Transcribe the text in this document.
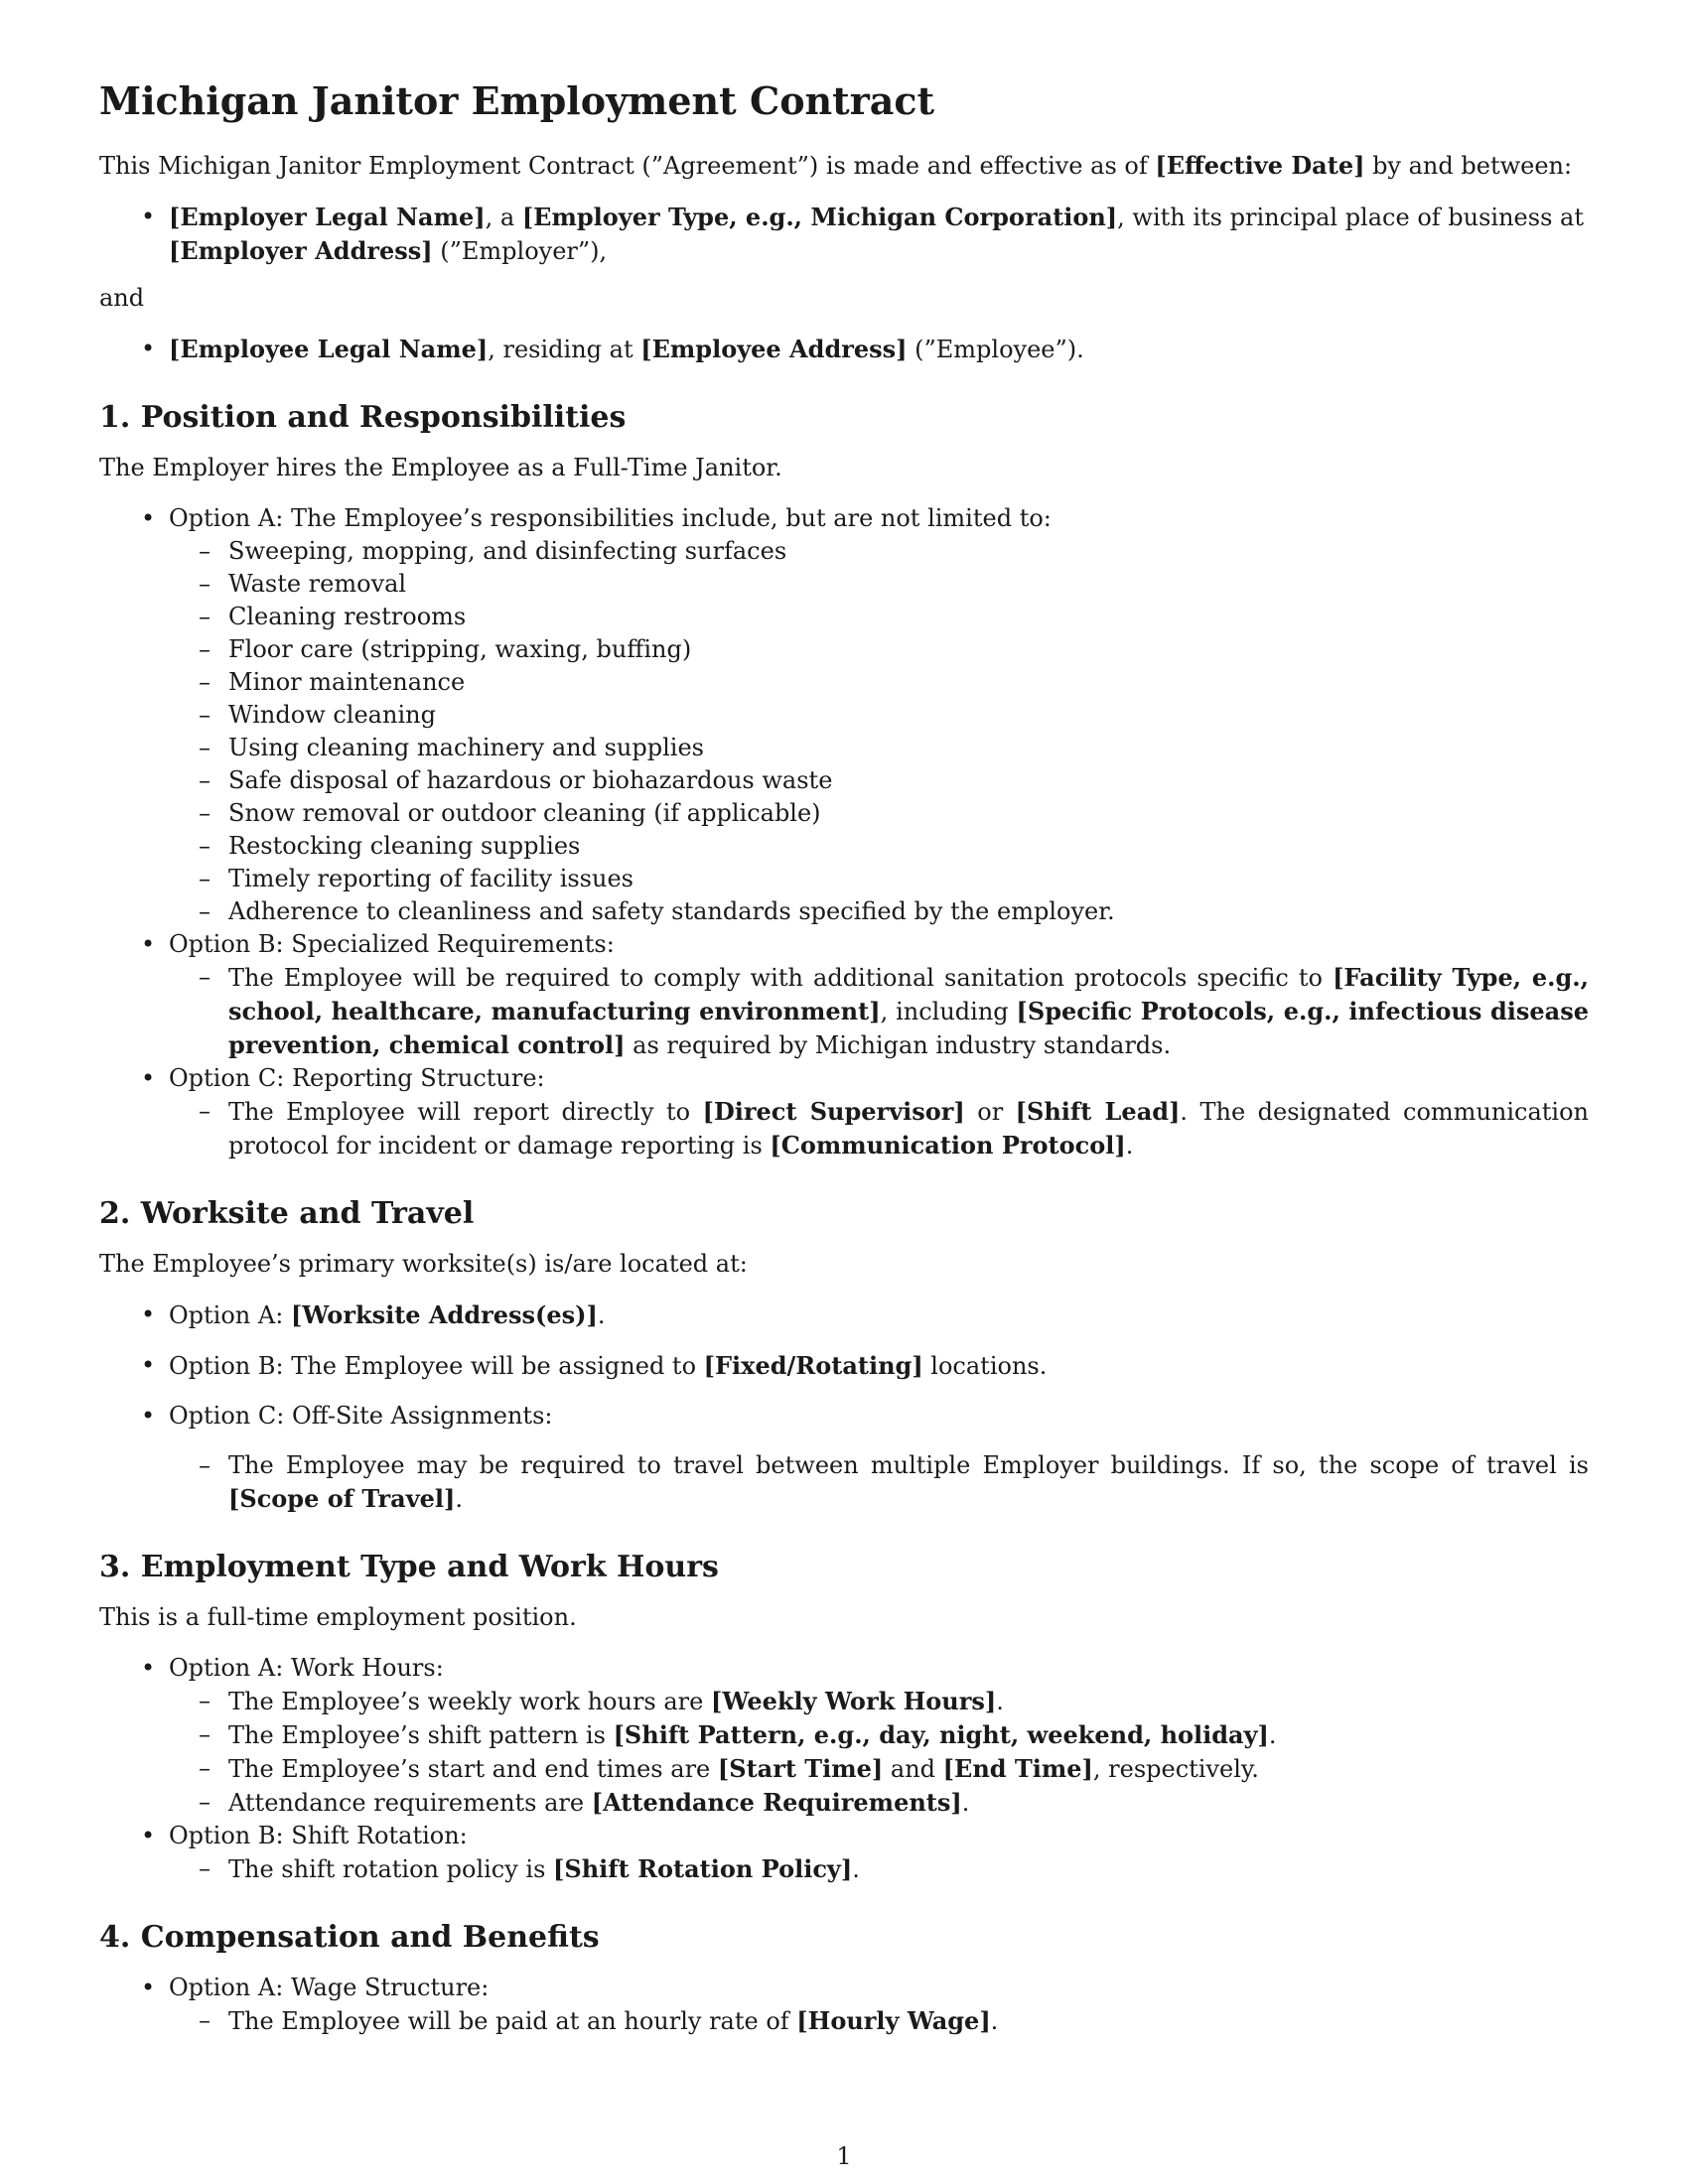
Michigan Janitor Employment Contract

This Michigan Janitor Employment Contract (”Agreement”) is made and effective as of [Effective Date] by and between:

• [Employer Legal Name], a [Employer Type, e.g., Michigan Corporation], with its principal place of business at [Employer Address] (”Employer”),

and

• [Employee Legal Name], residing at [Employee Address] (”Employee”).
1. Position and Responsibilities

The Employer hires the Employee as a Full-Time Janitor.

• Option A: The Employee’s responsibilities include, but are not limited to:
– Sweeping, mopping, and disinfecting surfaces
– Waste removal
– Cleaning restrooms
– Floor care (stripping, waxing, buffing)
– Minor maintenance
– Window cleaning
– Using cleaning machinery and supplies
– Safe disposal of hazardous or biohazardous waste
– Snow removal or outdoor cleaning (if applicable)
– Restocking cleaning supplies
– Timely reporting of facility issues
– Adherence to cleanliness and safety standards specified by the employer.
• Option B: Specialized Requirements:
– The Employee will be required to comply with additional sanitation protocols specific to [Facility Type, e.g., school, healthcare, manufacturing environment], including [Specific Protocols, e.g., infectious disease prevention, chemical control] as required by Michigan industry standards.
• Option C: Reporting Structure:
– The Employee will report directly to [Direct Supervisor] or [Shift Lead]. The designated communication protocol for incident or damage reporting is [Communication Protocol].
2. Worksite and Travel

The Employee’s primary worksite(s) is/are located at:

• Option A: [Worksite Address(es)].
• Option B: The Employee will be assigned to [Fixed/Rotating] locations.
• Option C: Off-Site Assignments:
– The Employee may be required to travel between multiple Employer buildings. If so, the scope of travel is [Scope of Travel].
3. Employment Type and Work Hours

This is a full-time employment position.

• Option A: Work Hours:
– The Employee’s weekly work hours are [Weekly Work Hours].
– The Employee’s shift pattern is [Shift Pattern, e.g., day, night, weekend, holiday].
– The Employee’s start and end times are [Start Time] and [End Time], respectively.
– Attendance requirements are [Attendance Requirements].
• Option B: Shift Rotation:
– The shift rotation policy is [Shift Rotation Policy].
4. Compensation and Benefits
• Option A: Wage Structure:
– The Employee will be paid at an hourly rate of [Hourly Wage].
1
